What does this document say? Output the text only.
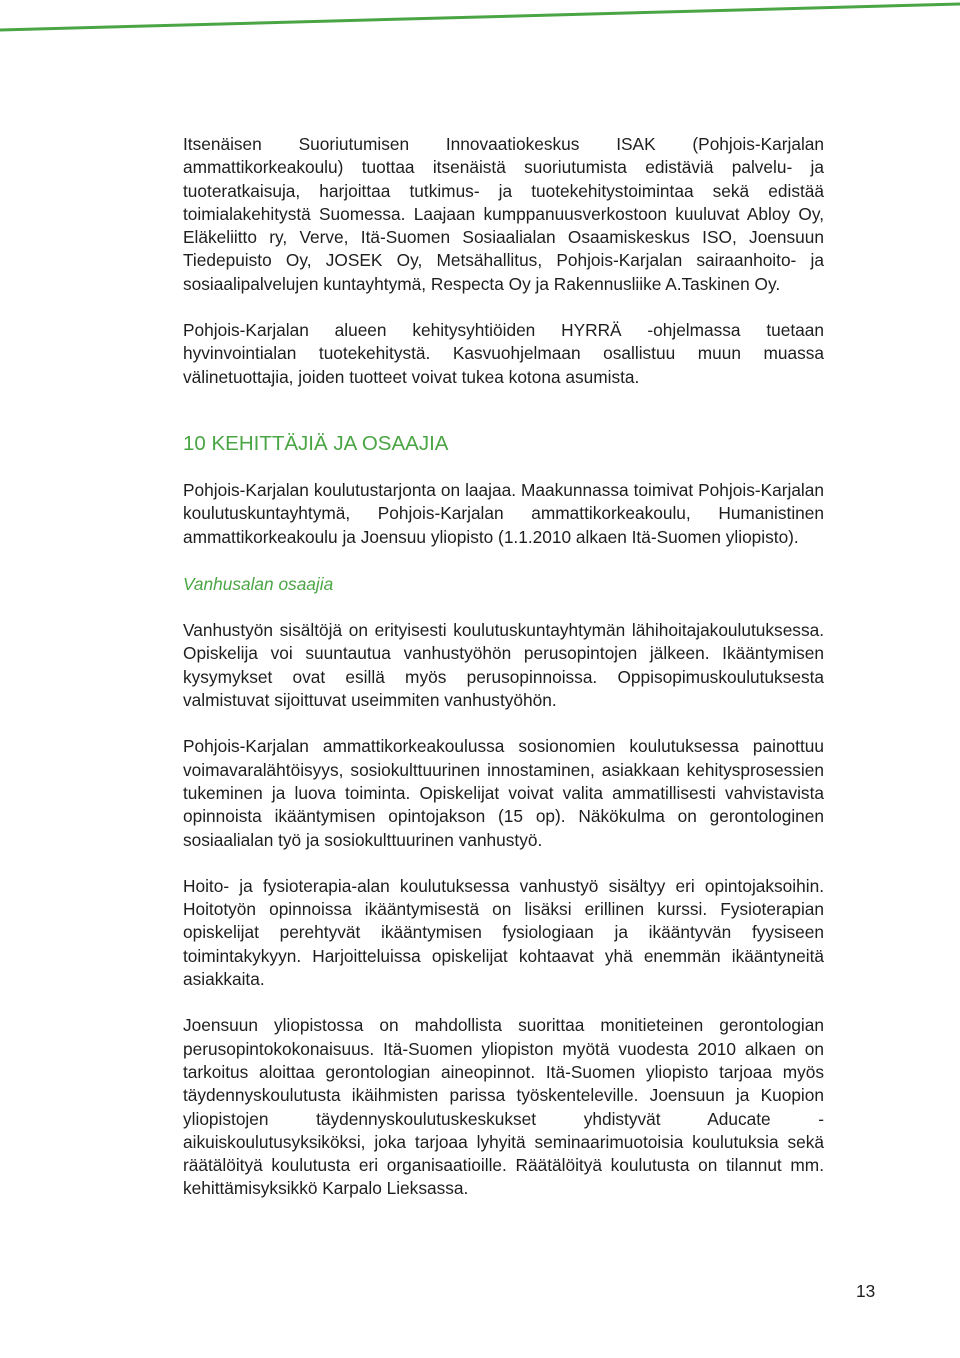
Itsenäisen Suoriutumisen Innovaatiokeskus ISAK (Pohjois-Karjalan ammattikorkeakoulu) tuottaa itsenäistä suoriutumista edistäviä palvelu- ja tuoteratkaisuja, harjoittaa tutkimus- ja tuotekehitystoimintaa sekä edistää toimialakehitystä Suomessa. Laajaan kumppanuusverkostoon kuuluvat Abloy Oy, Eläkeliitto ry, Verve, Itä-Suomen Sosiaalialan Osaamiskeskus ISO, Joensuun Tiedepuisto Oy, JOSEK Oy, Metsähallitus, Pohjois-Karjalan sairaanhoito- ja sosiaalipalvelujen kuntayhtymä, Respecta Oy ja Rakennusliike A.Taskinen Oy.

Pohjois-Karjalan alueen kehitysyhtiöiden HYRRÄ -ohjelmassa tuetaan hyvinvointialan tuotekehitystä. Kasvuohjelmaan osallistuu muun muassa välinetuottajia, joiden tuotteet voivat tukea kotona asumista.

10 KEHITTÄJIÄ JA OSAAJIA

Pohjois-Karjalan koulutustarjonta on laajaa. Maakunnassa toimivat Pohjois-Karjalan koulutuskuntayhtymä, Pohjois-Karjalan ammattikorkeakoulu, Humanistinen ammattikorkeakoulu ja Joensuu yliopisto (1.1.2010 alkaen Itä-Suomen yliopisto).

Vanhusalan osaajia

Vanhustyön sisältöjä on erityisesti koulutuskuntayhtymän lähihoitajakoulutuksessa. Opiskelija voi suuntautua vanhustyöhön perusopintojen jälkeen. Ikääntymisen kysymykset ovat esillä myös perusopinnoissa. Oppisopimuskoulutuksesta valmistuvat sijoittuvat useimmiten vanhustyöhön.

Pohjois-Karjalan ammattikorkeakoulussa sosionomien koulutuksessa painottuu voimavaralähtöisyys, sosiokulttuurinen innostaminen, asiakkaan kehitysprosessien tukeminen ja luova toiminta. Opiskelijat voivat valita ammatillisesti vahvistavista opinnoista ikääntymisen opintojakson (15 op). Näkökulma on gerontologinen sosiaalialan työ ja sosiokulttuurinen vanhustyö.

Hoito- ja fysioterapia-alan koulutuksessa vanhustyö sisältyy eri opintojaksoihin. Hoitotyön opinnoissa ikääntymisestä on lisäksi erillinen kurssi. Fysioterapian opiskelijat perehtyvät ikääntymisen fysiologiaan ja ikääntyvän fyysiseen toimintakykyyn. Harjoitteluissa opiskelijat kohtaavat yhä enemmän ikääntyneitä asiakkaita.

Joensuun yliopistossa on mahdollista suorittaa monitieteinen gerontologian perusopintokokonaisuus. Itä-Suomen yliopiston myötä vuodesta 2010 alkaen on tarkoitus aloittaa gerontologian aineopinnot. Itä-Suomen yliopisto tarjoaa myös täydennyskoulutusta ikäihmisten parissa työskenteleville. Joensuun ja Kuopion yliopistojen täydennyskoulutuskeskukset yhdistyvät Aducate - aikuiskoulutusyksiköksi, joka tarjoaa lyhyitä seminaarimuotoisia koulutuksia sekä räätälöityä koulutusta eri organisaatioille. Räätälöityä koulutusta on tilannut mm. kehittämisyksikkö Karpalo Lieksassa.

13
